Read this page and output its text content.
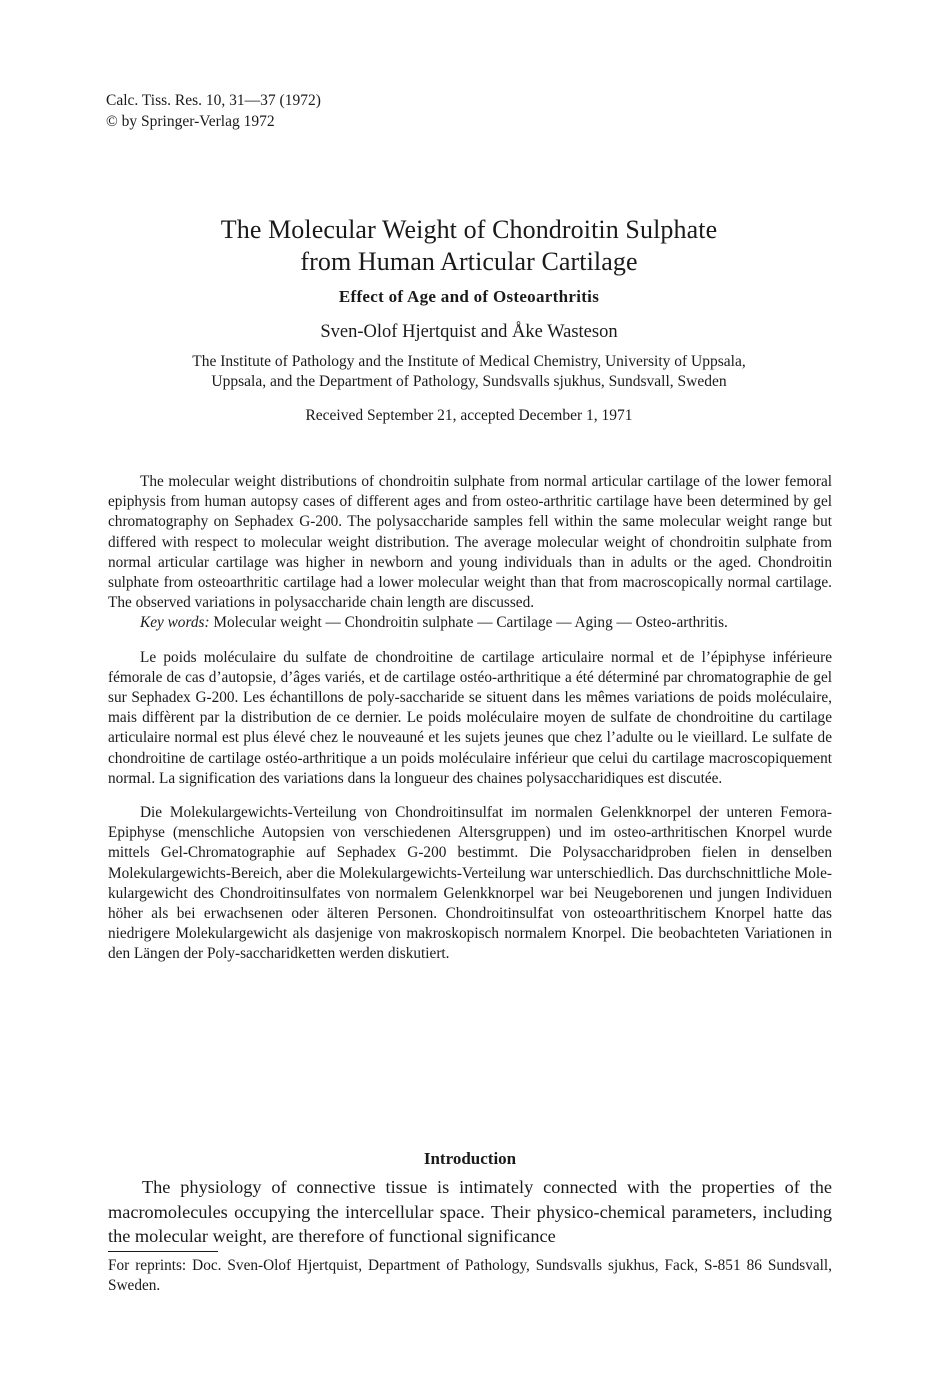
Calc. Tiss. Res. 10, 31—37 (1972)
© by Springer-Verlag 1972
The Molecular Weight of Chondroitin Sulphate
from Human Articular Cartilage
Effect of Age and of Osteoarthritis
Sven-Olof Hjertquist and Åke Wasteson
The Institute of Pathology and the Institute of Medical Chemistry, University of Uppsala,
Uppsala, and the Department of Pathology, Sundsvalls sjukhus, Sundsvall, Sweden
Received September 21, accepted December 1, 1971

The molecular weight distributions of chondroitin sulphate from normal articular cartilage of the lower femoral epiphysis from human autopsy cases of different ages and from osteo-arthritic cartilage have been determined by gel chromatography on Sephadex G-200. The polysaccharide samples fell within the same molecular weight range but differed with respect to molecular weight distribution. The average molecular weight of chondroitin sulphate from normal articular cartilage was higher in newborn and young individuals than in adults or the aged. Chondroitin sulphate from osteoarthritic cartilage had a lower molecular weight than that from macroscopically normal cartilage. The observed variations in polysaccharide chain length are discussed.

Key words: Molecular weight — Chondroitin sulphate — Cartilage — Aging — Osteo-arthritis.

Le poids moléculaire du sulfate de chondroitine de cartilage articulaire normal et de l’épiphyse inférieure fémorale de cas d’autopsie, d’âges variés, et de cartilage ostéo-arthritique a été déterminé par chromatographie de gel sur Sephadex G-200. Les échantillons de poly-saccharide se situent dans les mêmes variations de poids moléculaire, mais diffèrent par la distribution de ce dernier. Le poids moléculaire moyen de sulfate de chondroitine du cartilage articulaire normal est plus élevé chez le nouveauné et les sujets jeunes que chez l’adulte ou le vieillard. Le sulfate de chondroitine de cartilage ostéo-arthritique a un poids moléculaire inférieur que celui du cartilage macroscopiquement normal. La signification des variations dans la longueur des chaines polysaccharidiques est discutée.

Die Molekulargewichts-Verteilung von Chondroitinsulfat im normalen Gelenkknorpel der unteren Femora-Epiphyse (menschliche Autopsien von verschiedenen Altersgruppen) und im osteo-arthritischen Knorpel wurde mittels Gel-Chromatographie auf Sephadex G-200 bestimmt. Die Polysaccharidproben fielen in denselben Molekulargewichts-Bereich, aber die Molekulargewichts-Verteilung war unterschiedlich. Das durchschnittliche Mole-kulargewicht des Chondroitinsulfates von normalem Gelenkknorpel war bei Neugeborenen und jungen Individuen höher als bei erwachsenen oder älteren Personen. Chondroitinsulfat von osteoarthritischem Knorpel hatte das niedrigere Molekulargewicht als dasjenige von makroskopisch normalem Knorpel. Die beobachteten Variationen in den Längen der Poly-saccharidketten werden diskutiert.

Introduction

The physiology of connective tissue is intimately connected with the properties of the macromolecules occupying the intercellular space. Their physico-chemical parameters, including the molecular weight, are therefore of functional significance

For reprints: Doc. Sven-Olof Hjertquist, Department of Pathology, Sundsvalls sjukhus, Fack, S-851 86 Sundsvall, Sweden.
